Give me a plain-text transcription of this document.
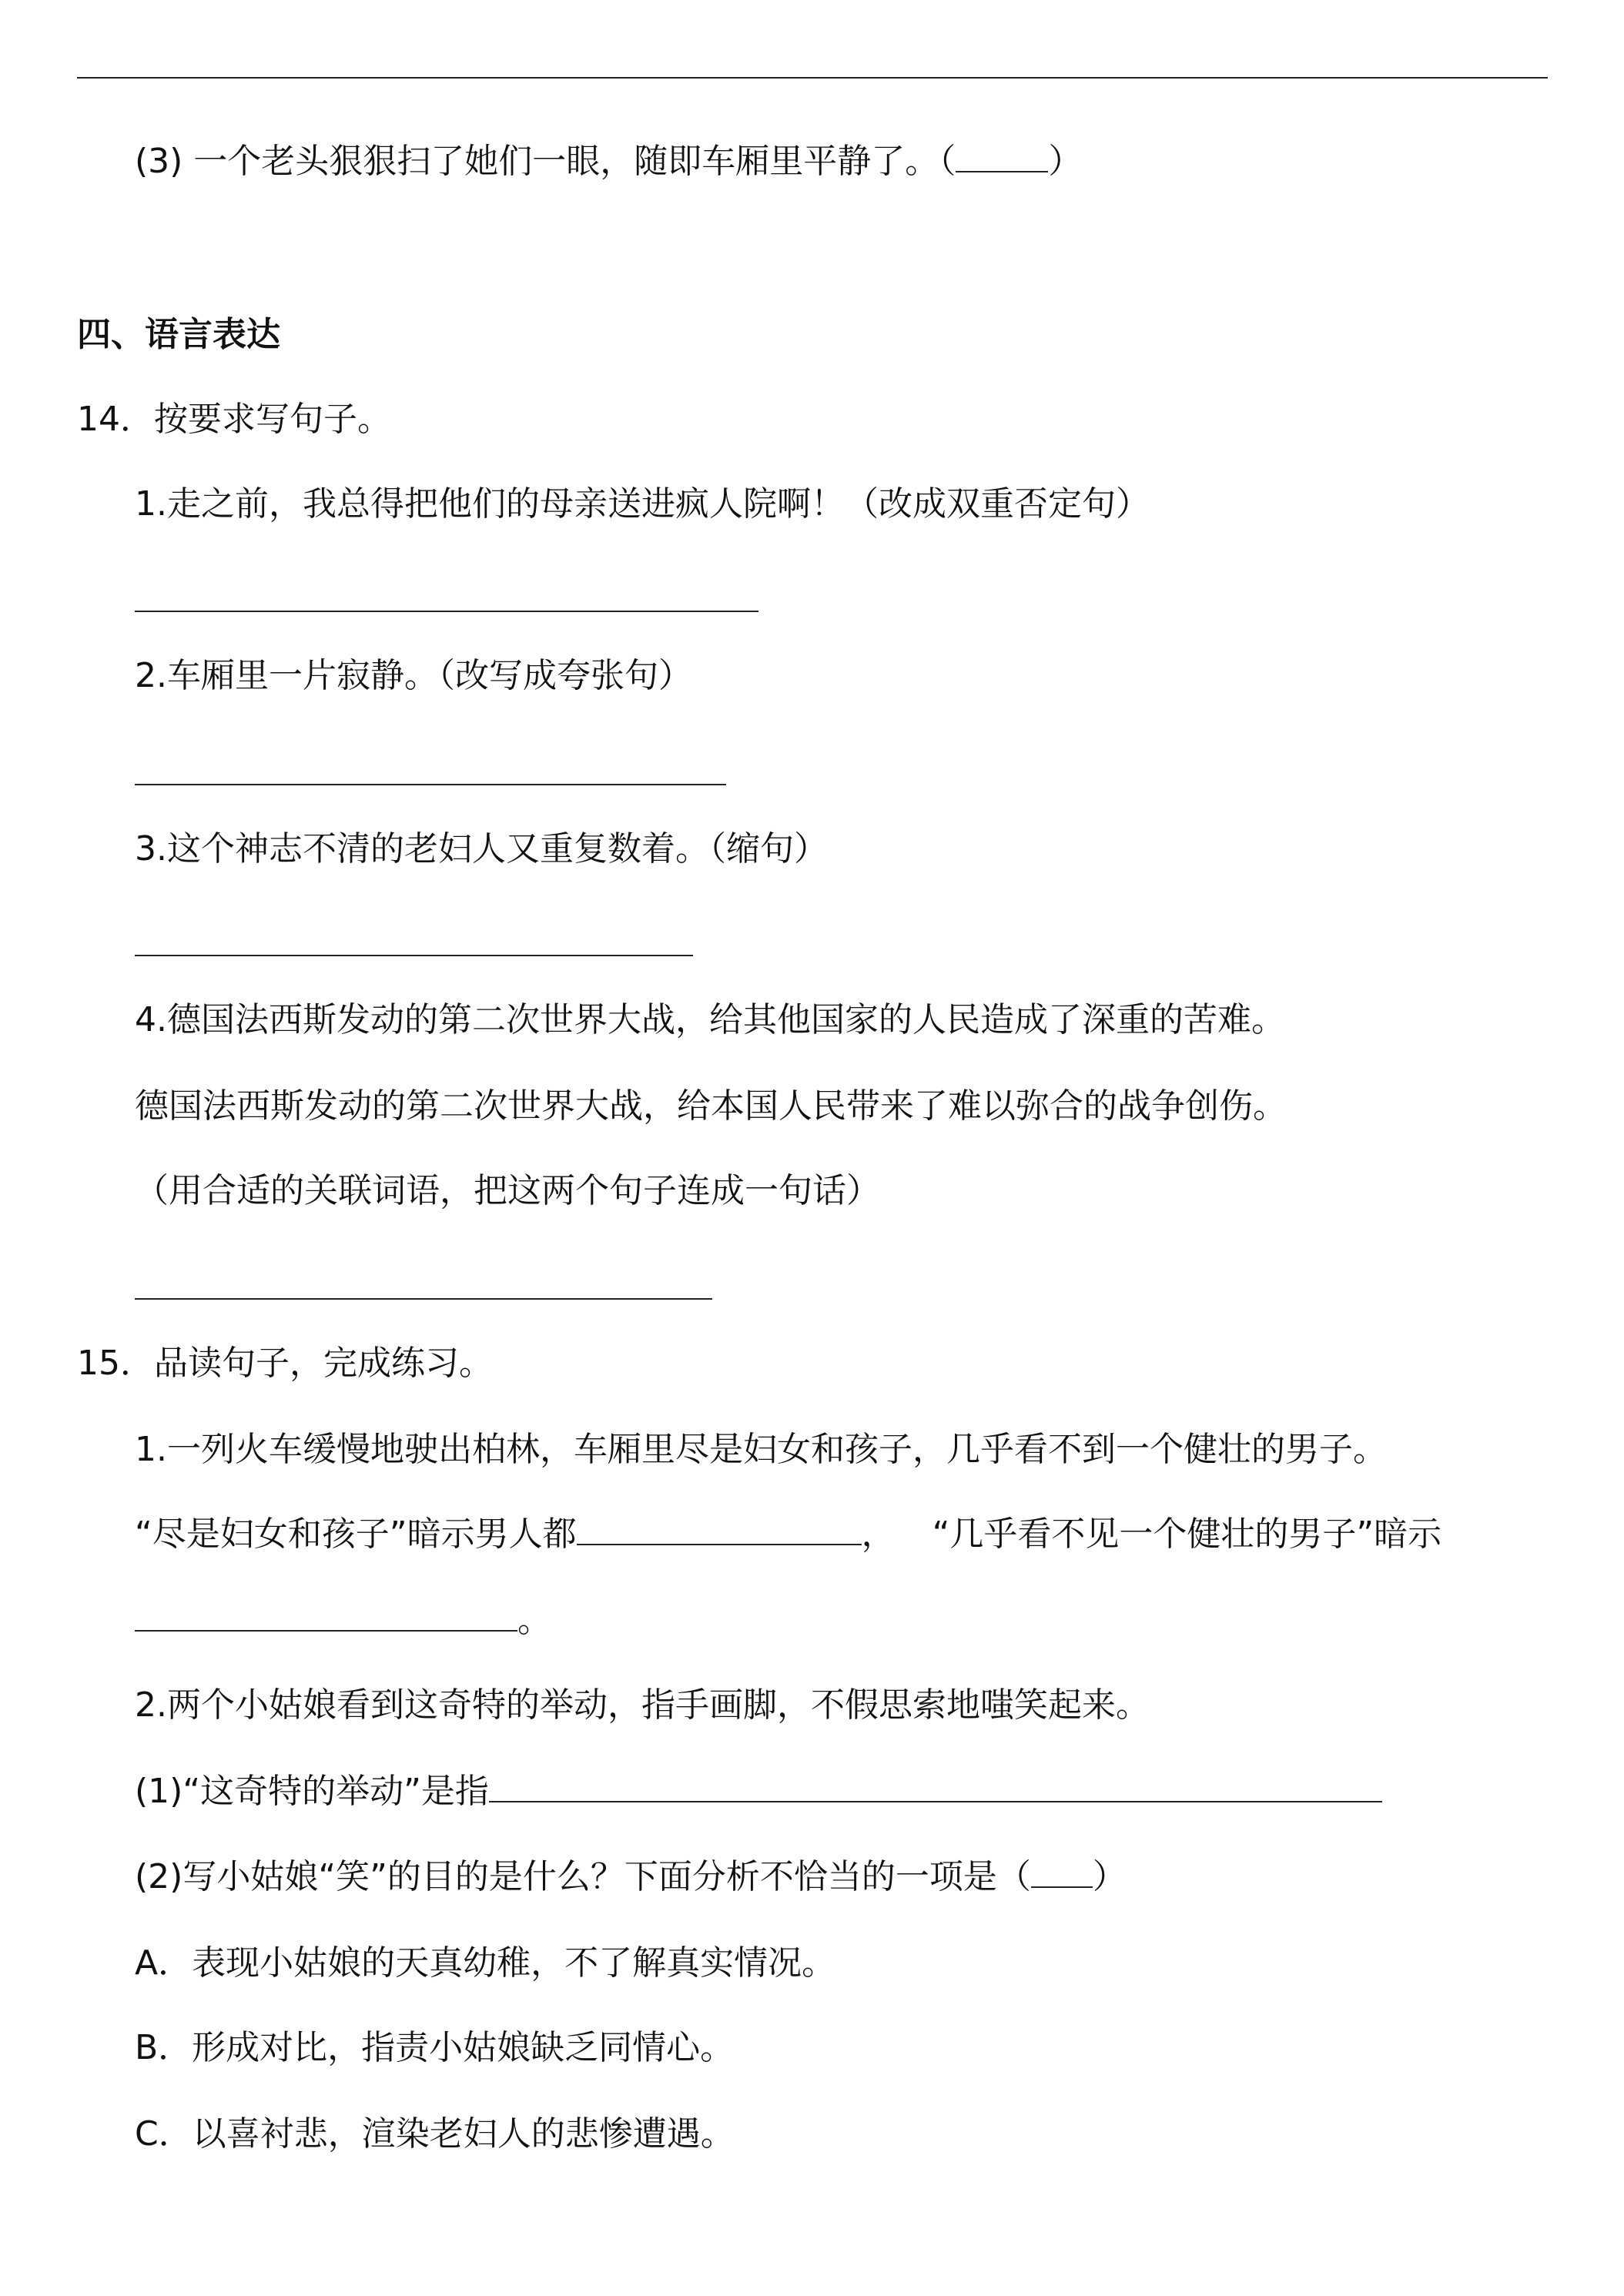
(3) 一个老头狠狠扫了她们一眼，随即车厢里平静了。（	）
四、语言表达
14．按要求写句子。
1.走之前，我总得把他们的母亲送进疯人院啊！（改成双重否定句）
2.车厢里一片寂静。（改写成夸张句）
3.这个神志不清的老妇人又重复数着。（缩句）
4.德国法西斯发动的第二次世界大战，给其他国家的人民造成了深重的苦难。
德国法西斯发动的第二次世界大战，给本国人民带来了难以弥合的战争创伤。
（用合适的关联词语，把这两个句子连成一句话）
15．品读句子，完成练习。
1.一列火车缓慢地驶出柏林，车厢里尽是妇女和孩子，几乎看不到一个健壮的男子。
“尽是妇女和孩子”暗示男人都	， “几乎看不见一个健壮的男子”暗示
。
2.两个小姑娘看到这奇特的举动，指手画脚，不假思索地嗤笑起来。
(1)“这奇特的举动”是指
(2)写小姑娘“笑”的目的是什么？下面分析不恰当的一项是（ ）
A．表现小姑娘的天真幼稚，不了解真实情况。
B．形成对比，指责小姑娘缺乏同情心。
C．以喜衬悲，渲染老妇人的悲惨遭遇。
